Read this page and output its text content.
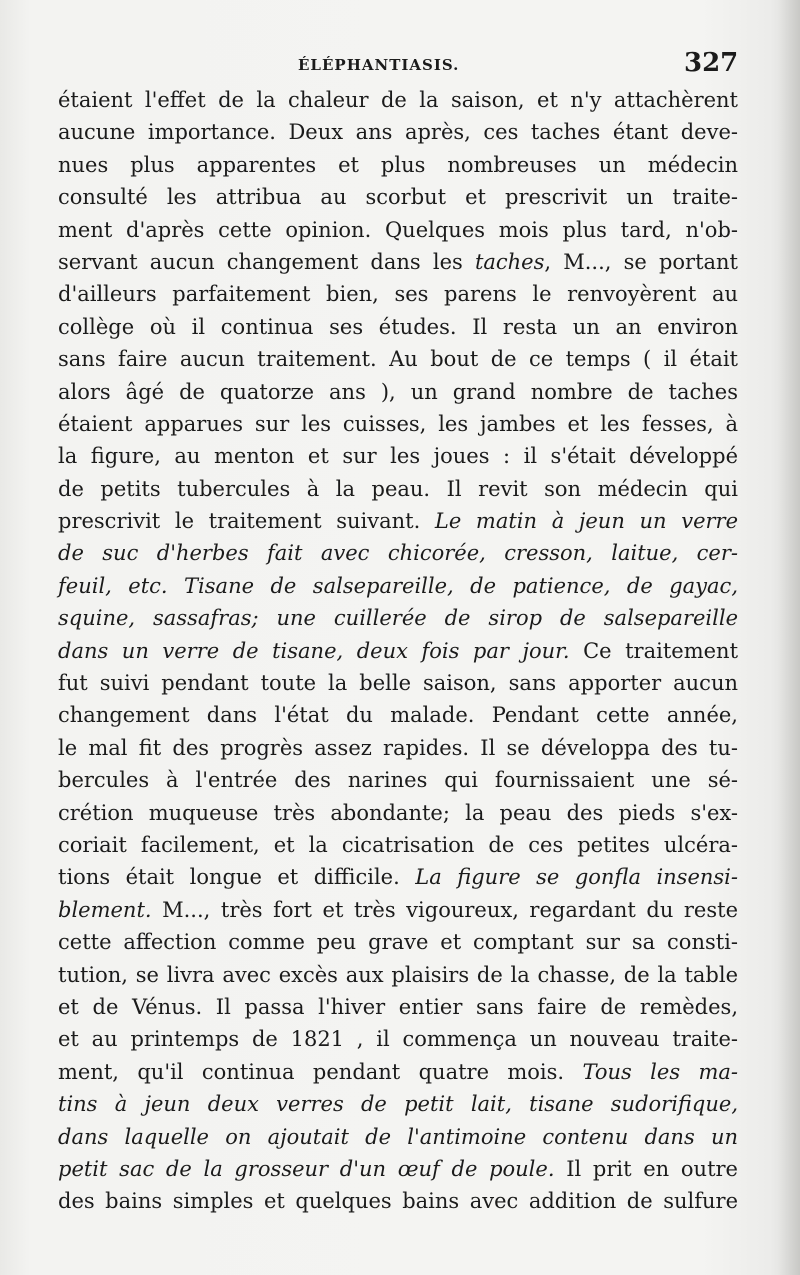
ÉLÉPHANTIASIS.	327
étaient l'effet de la chaleur de la saison, et n'y attachèrent
aucune importance. Deux ans après, ces taches étant deve-
nues plus apparentes et plus nombreuses un médecin
consulté les attribua au scorbut et prescrivit un traite-
ment d'après cette opinion. Quelques mois plus tard, n'ob-
servant aucun changement dans les taches, M..., se portant
d'ailleurs parfaitement bien, ses parens le renvoyèrent au
collège où il continua ses études. Il resta un an environ
sans faire aucun traitement. Au bout de ce temps ( il était
alors âgé de quatorze ans ), un grand nombre de taches
étaient apparues sur les cuisses, les jambes et les fesses, à
la figure, au menton et sur les joues : il s'était développé
de petits tubercules à la peau. Il revit son médecin qui
prescrivit le traitement suivant. Le matin à jeun un verre
de suc d'herbes fait avec chicorée, cresson, laitue, cer-
feuil, etc. Tisane de salsepareille, de patience, de gayac,
squine, sassafras; une cuillerée de sirop de salsepareille
dans un verre de tisane, deux fois par jour. Ce traitement
fut suivi pendant toute la belle saison, sans apporter aucun
changement dans l'état du malade. Pendant cette année,
le mal fit des progrès assez rapides. Il se développa des tu-
bercules à l'entrée des narines qui fournissaient une sé-
crétion muqueuse très abondante; la peau des pieds s'ex-
coriait facilement, et la cicatrisation de ces petites ulcéra-
tions était longue et difficile. La figure se gonfla insensi-
blement. M..., très fort et très vigoureux, regardant du reste
cette affection comme peu grave et comptant sur sa consti-
tution, se livra avec excès aux plaisirs de la chasse, de la table
et de Vénus. Il passa l'hiver entier sans faire de remèdes,
et au printemps de 1821 , il commença un nouveau traite-
ment, qu'il continua pendant quatre mois. Tous les ma-
tins à jeun deux verres de petit lait, tisane sudorifique,
dans laquelle on ajoutait de l'antimoine contenu dans un
petit sac de la grosseur d'un œuf de poule. Il prit en outre
des bains simples et quelques bains avec addition de sulfure
